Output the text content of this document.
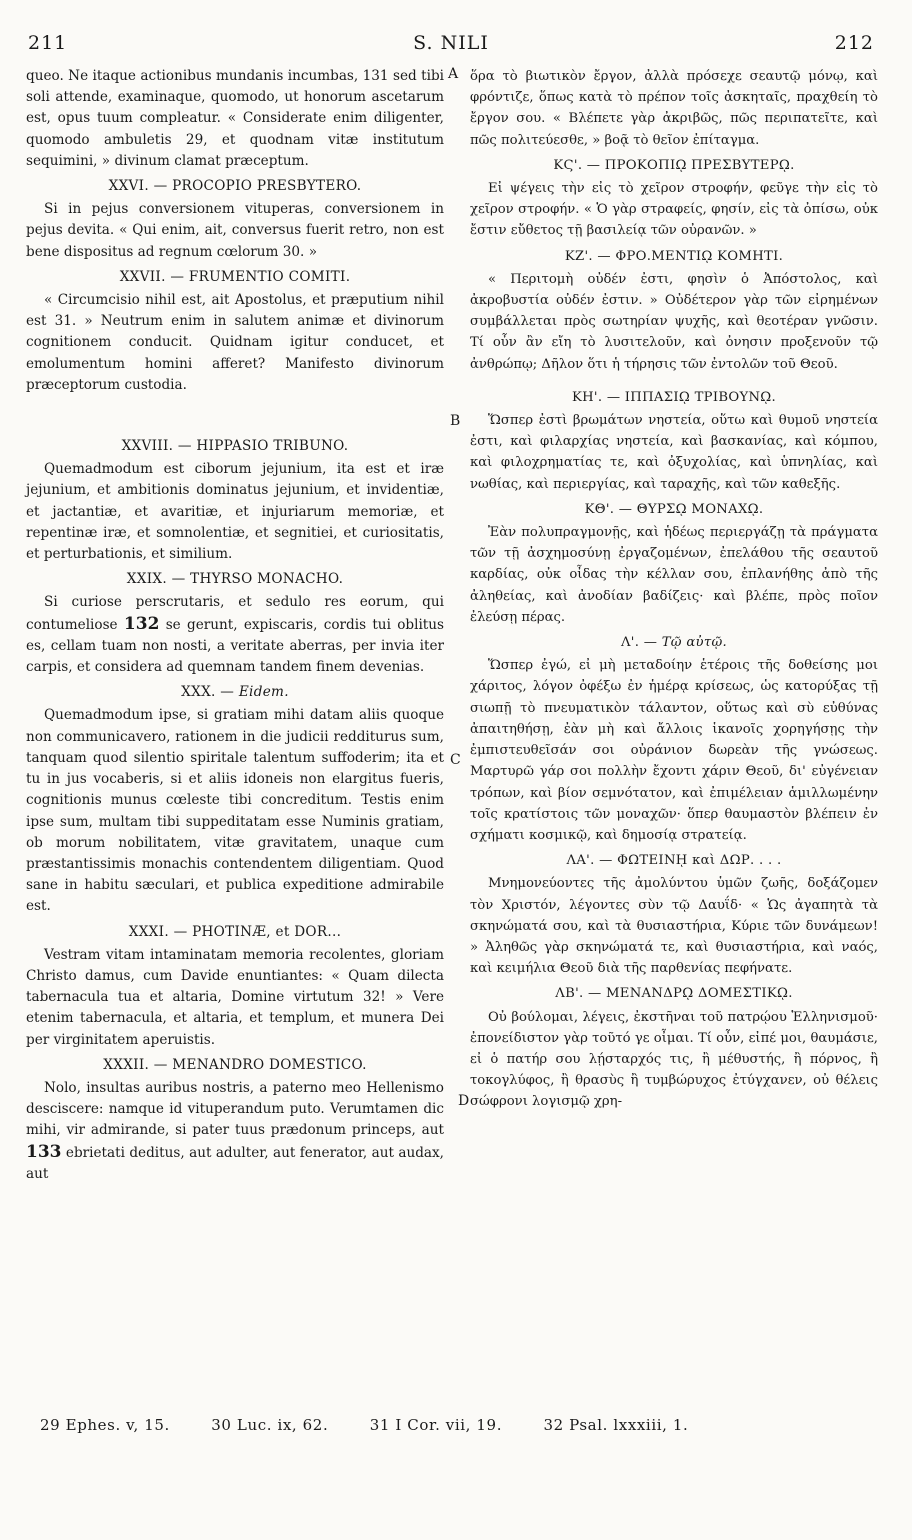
211	S. NILI	212
A
B
C
D

queo. Ne itaque actionibus mundanis incumbas, 131 sed tibi soli attende, examinaque, quomodo, ut honorum ascetarum est, opus tuum compleatur. « Considerate enim diligenter, quomodo ambuletis 29, et quodnam vitæ institutum sequimini, » divinum clamat præceptum.

XXVI. — PROCOPIO PRESBYTERO.

Si in pejus conversionem vituperas, conversionem in pejus devita. « Qui enim, ait, conversus fuerit retro, non est bene dispositus ad regnum cœlorum 30. »

XXVII. — FRUMENTIO COMITI.

« Circumcisio nihil est, ait Apostolus, et præputium nihil est 31. » Neutrum enim in salutem animæ et divinorum cognitionem conducit. Quidnam igitur conducet, et emolumentum homini afferet? Manifesto divinorum præceptorum custodia.

XXVIII. — HIPPASIO TRIBUNO.

Quemadmodum est ciborum jejunium, ita est et iræ jejunium, et ambitionis dominatus jejunium, et invidentiæ, et jactantiæ, et avaritiæ, et injuriarum memoriæ, et repentinæ iræ, et somnolentiæ, et segnitiei, et curiositatis, et perturbationis, et similium.

XXIX. — THYRSO MONACHO.

Si curiose perscrutaris, et sedulo res eorum, qui contumeliose 132 se gerunt, expiscaris, cordis tui oblitus es, cellam tuam non nosti, a veritate aberras, per invia iter carpis, et considera ad quemnam tandem finem devenias.

XXX. — Eidem.

Quemadmodum ipse, si gratiam mihi datam aliis quoque non communicavero, rationem in die judicii redditurus sum, tanquam quod silentio spiritale talentum suffoderim; ita et tu in jus vocaberis, si et aliis idoneis non elargitus fueris, cognitionis munus cœleste tibi concreditum. Testis enim ipse sum, multam tibi suppeditatam esse Numinis gratiam, ob morum nobilitatem, vitæ gravitatem, unaque cum præstantissimis monachis contendentem diligentiam. Quod sane in habitu sæculari, et publica expeditione admirabile est.

XXXI. — PHOTINÆ, et DOR...

Vestram vitam intaminatam memoria recolentes, gloriam Christo damus, cum Davide enuntiantes: « Quam dilecta tabernacula tua et altaria, Domine virtutum 32! » Vere etenim tabernacula, et altaria, et templum, et munera Dei per virginitatem aperuistis.

XXXII. — MENANDRO DOMESTICO.

Nolo, insultas auribus nostris, a paterno meo Hellenismo desciscere: namque id vituperandum puto. Verumtamen dic mihi, vir admirande, si pater tuus prædonum princeps, aut 133 ebrietati deditus, aut adulter, aut fenerator, aut audax, aut

ὅρα τὸ βιωτικὸν ἔργον, ἀλλὰ πρόσεχε σεαυτῷ μόνῳ, καὶ φρόντιζε, ὅπως κατὰ τὸ πρέπον τοῖς ἀσκηταῖς, πραχθείη τὸ ἔργον σου. « Βλέπετε γὰρ ἀκριβῶς, πῶς περιπατεῖτε, καὶ πῶς πολιτεύεσθε, » βοᾷ τὸ θεῖον ἐπίταγμα.

ΚϚ'. — ΠΡΟΚΟΠΙῼ ΠΡΕΣΒΥΤΕΡῼ.

Εἰ ψέγεις τὴν εἰς τὸ χεῖρον στροφήν, φεῦγε τὴν εἰς τὸ χεῖρον στροφήν. « Ὁ γὰρ στραφείς, φησίν, εἰς τὰ ὀπίσω, οὐκ ἔστιν εὔθετος τῇ βασιλείᾳ τῶν οὐρανῶν. »

ΚΖ'. — ΦΡΟ.ΜΕΝΤΙῼ ΚΟΜΗΤΙ.

« Περιτομὴ οὐδέν ἐστι, φησὶν ὁ Ἀπόστολος, καὶ ἀκροβυστία οὐδέν ἐστιν. » Οὐδέτερον γὰρ τῶν εἰρημένων συμβάλλεται πρὸς σωτηρίαν ψυχῆς, καὶ θεοτέραν γνῶσιν. Τί οὖν ἂν εἴη τὸ λυσιτελοῦν, καὶ ὀνησιν προξενοῦν τῷ ἀνθρώπῳ; Δῆλον ὅτι ἡ τήρησις τῶν ἐντολῶν τοῦ Θεοῦ.

ΚΗ'. — ΙΠΠΑΣΙῼ ΤΡΙΒΟΥΝῼ.

Ὥσπερ ἐστὶ βρωμάτων νηστεία, οὕτω καὶ θυμοῦ νηστεία ἐστι, καὶ φιλαρχίας νηστεία, καὶ βασκανίας, καὶ κόμπου, καὶ φιλοχρηματίας τε, καὶ ὀξυχολίας, καὶ ὑπνηλίας, καὶ νωθίας, καὶ περιεργίας, καὶ ταραχῆς, καὶ τῶν καθεξῆς.

ΚΘ'. — ΘΥΡΣῼ ΜΟΝΑΧῼ.

Ἐὰν πολυπραγμονῇς, καὶ ἡδέως περιεργάζῃ τὰ πράγματα τῶν τῇ ἀσχημοσύνῃ ἐργαζομένων, ἐπελάθου τῆς σεαυτοῦ καρδίας, οὐκ οἶδας τὴν κέλλαν σου, ἐπλανήθης ἀπὸ τῆς ἀληθείας, καὶ ἀνοδίαν βαδίζεις· καὶ βλέπε, πρὸς ποῖον ἐλεύσῃ πέρας.

Λ'. — Τῷ αὐτῷ.

Ὥσπερ ἐγώ, εἰ μὴ μεταδοίην ἑτέροις τῆς δοθείσης μοι χάριτος, λόγον ὀφέξω ἐν ἡμέρᾳ κρίσεως, ὡς κατορύξας τῇ σιωπῇ τὸ πνευματικὸν τάλαντον, οὕτως καὶ σὺ εὐθύνας ἀπαιτηθήσῃ, ἐὰν μὴ καὶ ἄλλοις ἱκανοῖς χορηγήσῃς τὴν ἐμπιστευθεῖσάν σοι οὐράνιον δωρεὰν τῆς γνώσεως. Μαρτυρῶ γάρ σοι πολλὴν ἔχοντι χάριν Θεοῦ, δι' εὐγένειαν τρόπων, καὶ βίον σεμνότατον, καὶ ἐπιμέλειαν ἁμιλλωμένην τοῖς κρατίστοις τῶν μοναχῶν· ὅπερ θαυμαστὸν βλέπειν ἐν σχήματι κοσμικῷ, καὶ δημοσίᾳ στρατείᾳ.

ΛΑ'. — ΦΩΤΕΙΝῌ καὶ ΔΩΡ. . . .

Μνημονεύοντες τῆς ἀμολύντου ὑμῶν ζωῆς, δοξάζομεν τὸν Χριστόν, λέγοντες σὺν τῷ Δαυΐδ· « Ὡς ἀγαπητὰ τὰ σκηνώματά σου, καὶ τὰ θυσιαστήρια, Κύριε τῶν δυνάμεων! » Ἀληθῶς γὰρ σκηνώματά τε, καὶ θυσιαστήρια, καὶ ναός, καὶ κειμήλια Θεοῦ διὰ τῆς παρθενίας πεφήνατε.

ΛΒ'. — ΜΕΝΑΝΔΡῼ ΔΟΜΕΣΤΙΚῼ.

Οὐ βούλομαι, λέγεις, ἐκστῆναι τοῦ πατρῴου Ἑλληνισμοῦ· ἐπονείδιστον γὰρ τοῦτό γε οἶμαι. Τί οὖν, εἰπέ μοι, θαυμάσιε, εἰ ὁ πατήρ σου λῄσταρχός τις, ἢ μέθυστής, ἢ πόρνος, ἢ τοκογλύφος, ἢ θρασὺς ἢ τυμβώρυχος ἐτύγχανεν, οὐ θέλεις σώφρονι λογισμῷ χρη-

29 Ephes. v, 15.	30 Luc. ix, 62.	31 I Cor. vii, 19.	32 Psal. lxxxiii, 1.
